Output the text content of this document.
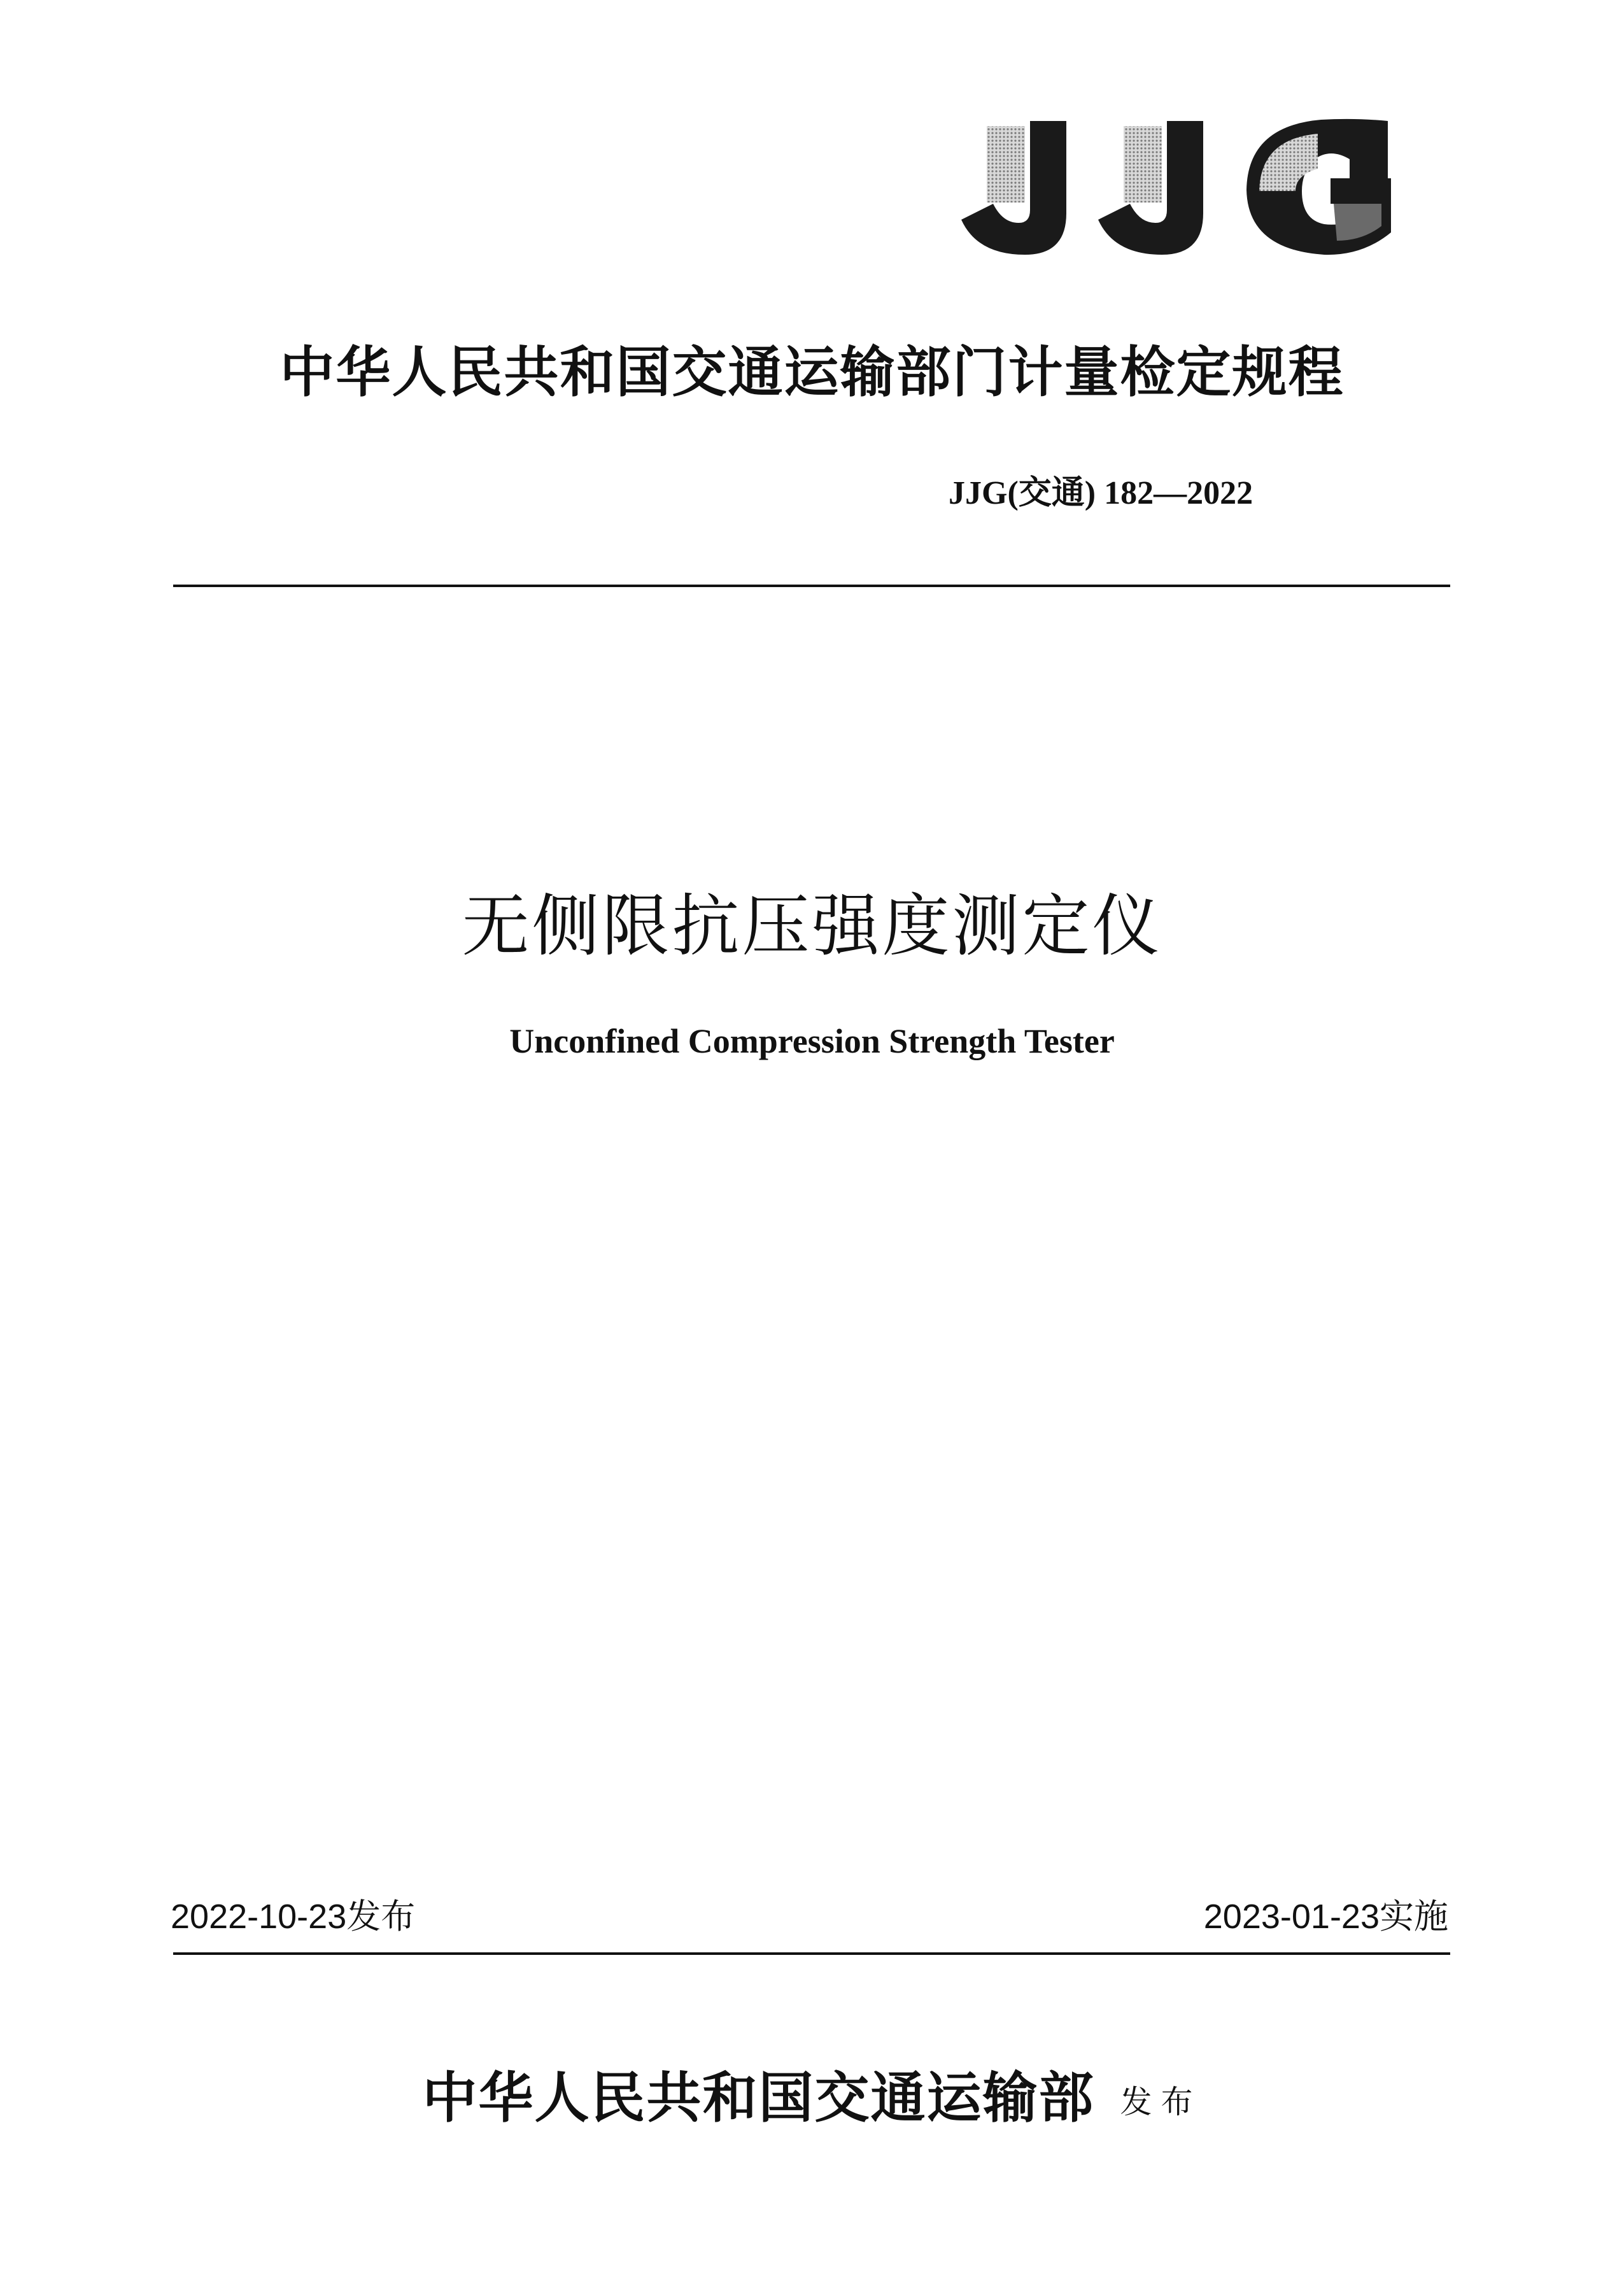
中华人民共和国交通运输部门计量检定规程
JJG(交通) 182—2022
无侧限抗压强度测定仪
Unconfined Compression Strength Tester
2022-10-23发布	2023-01-23实施
中华人民共和国交通运输部 发布
